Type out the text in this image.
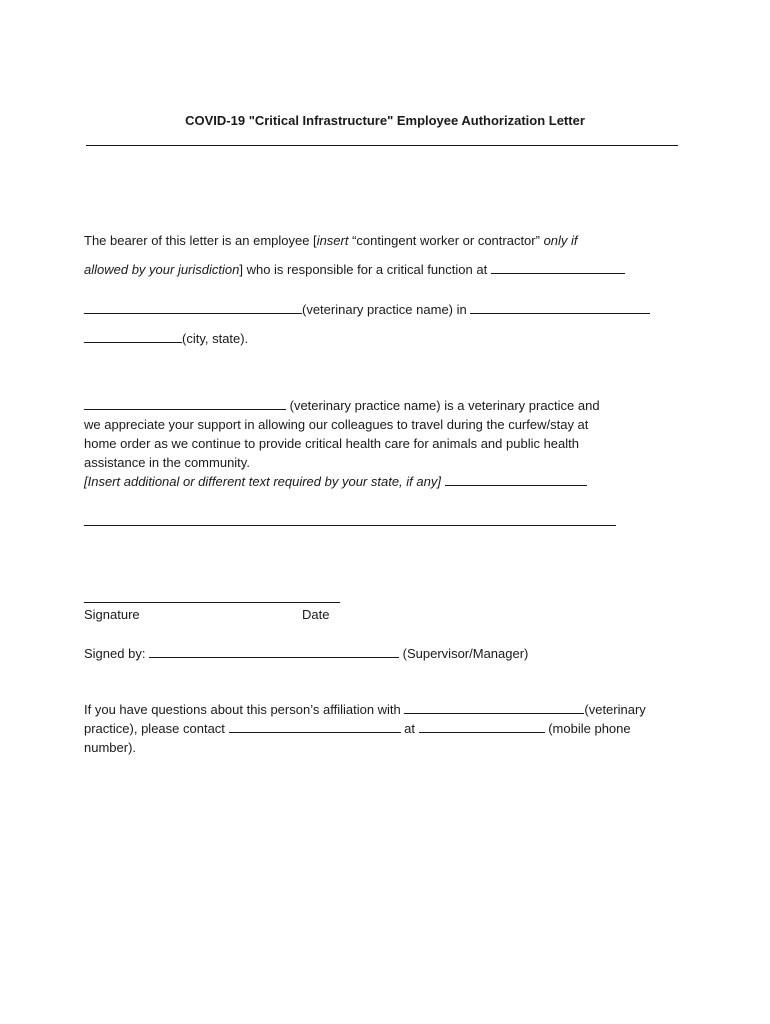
COVID-19 "Critical Infrastructure" Employee Authorization Letter
The bearer of this letter is an employee [insert “contingent worker or contractor” only if
allowed by your jurisdiction] who is responsible for a critical function at
(veterinary practice name) in
(city, state).
(veterinary practice name) is a veterinary practice and
we appreciate your support in allowing our colleagues to travel during the curfew/stay at
home order as we continue to provide critical health care for animals and public health
assistance in the community.
[Insert additional or different text required by your state, if any]
Signature	Date
Signed by:	(Supervisor/Manager)
If you have questions about this person’s affiliation with	(veterinary
practice), please contact	at	(mobile phone
number).
